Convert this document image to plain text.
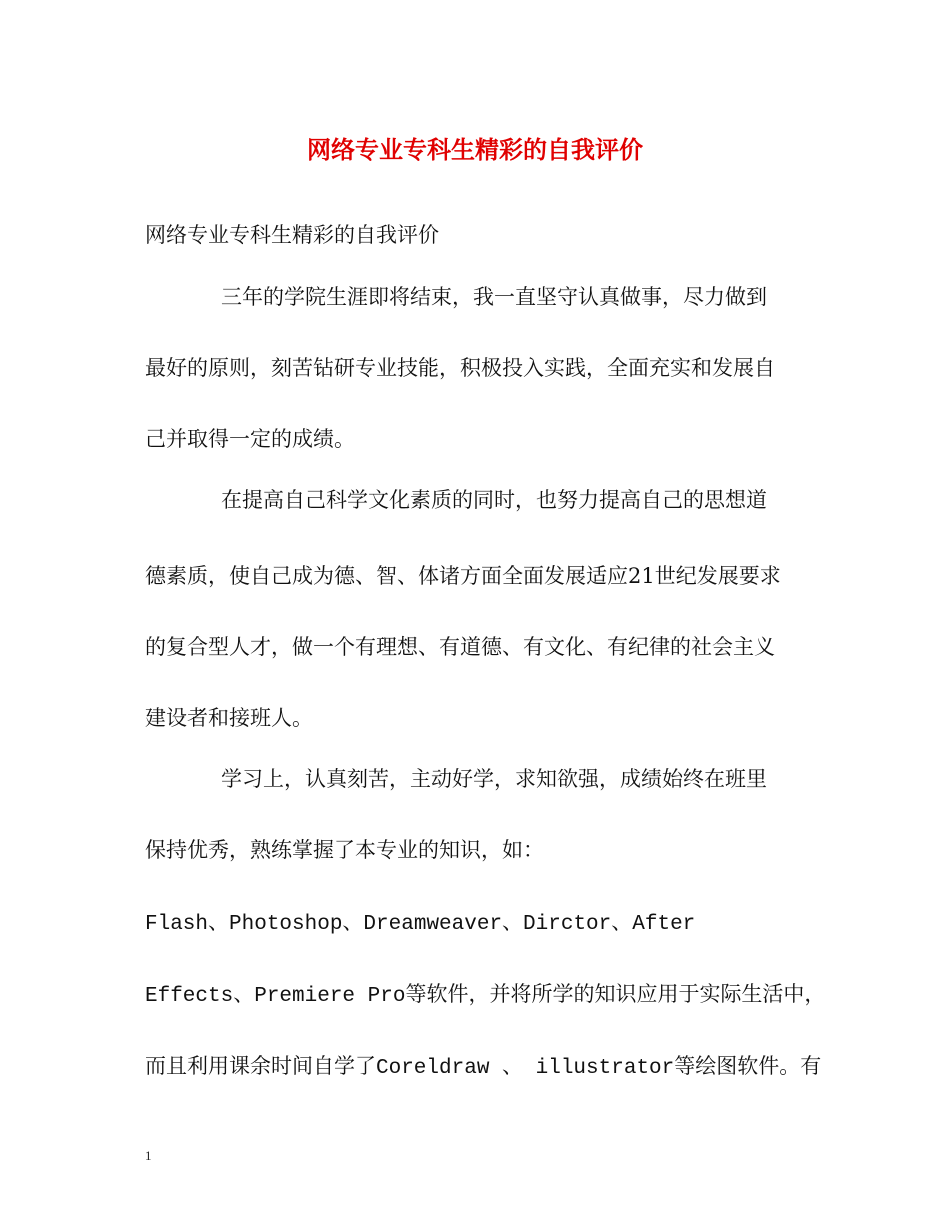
网络专业专科生精彩的自我评价
网络专业专科生精彩的自我评价
三年的学院生涯即将结束，我一直坚守认真做事，尽力做到
最好的原则，刻苦钻研专业技能，积极投入实践，全面充实和发展自
己并取得一定的成绩。
在提高自己科学文化素质的同时，也努力提高自己的思想道
德素质，使自己成为德、智、体诸方面全面发展适应21世纪发展要求
的复合型人才，做一个有理想、有道德、有文化、有纪律的社会主义
建设者和接班人。
学习上，认真刻苦，主动好学，求知欲强，成绩始终在班里
保持优秀，熟练掌握了本专业的知识，如：
Flash、Photoshop、Dreamweaver、Dirctor、After
Effects、Premiere Pro等软件，并将所学的知识应用于实际生活中，
而且利用课余时间自学了Coreldraw 、 illustrator等绘图软件。有
1
